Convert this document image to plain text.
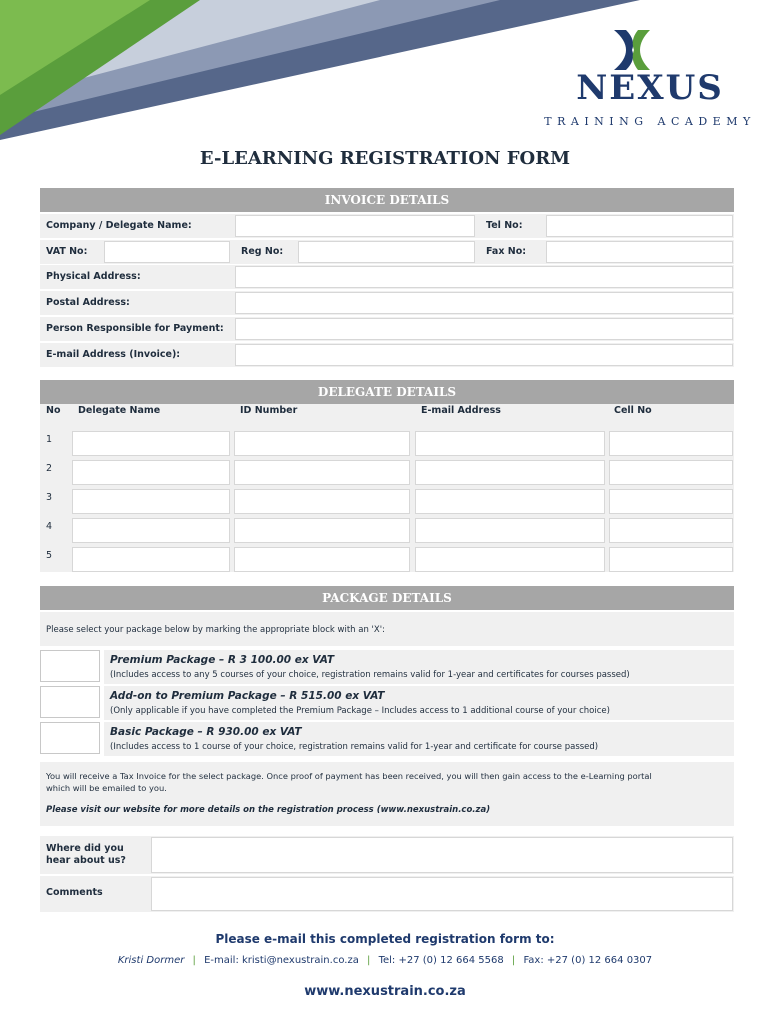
NEXUS
TRAINING ACADEMY
E-LEARNING REGISTRATION FORM
INVOICE DETAILS
Company / Delegate Name:	Tel No:
VAT No:	Reg No:	Fax No:
Physical Address:
Postal Address:
Person Responsible for Payment:
E-mail Address (Invoice):
DELEGATE DETAILS
No Delegate Name	ID Number	E-mail Address	Cell No
1
2
3
4
5
PACKAGE DETAILS
Please select your package below by marking the appropriate block with an 'X':
Premium Package – R 3 100.00 ex VAT
(Includes access to any 5 courses of your choice, registration remains valid for 1-year and certificates for courses passed)
Add-on to Premium Package – R 515.00 ex VAT
(Only applicable if you have completed the Premium Package – Includes access to 1 additional course of your choice)
Basic Package – R 930.00 ex VAT
(Includes access to 1 course of your choice, registration remains valid for 1-year and certificate for course passed)
You will receive a Tax Invoice for the select package. Once proof of payment has been received, you will then gain access to the e-Learning portal
which will be emailed to you.
Please visit our website for more details on the registration process (www.nexustrain.co.za)
Where did you
hear about us?
Comments
Please e-mail this completed registration form to:
Kristi Dormer | E-mail: kristi@nexustrain.co.za | Tel: +27 (0) 12 664 5568 | Fax: +27 (0) 12 664 0307
www.nexustrain.co.za
